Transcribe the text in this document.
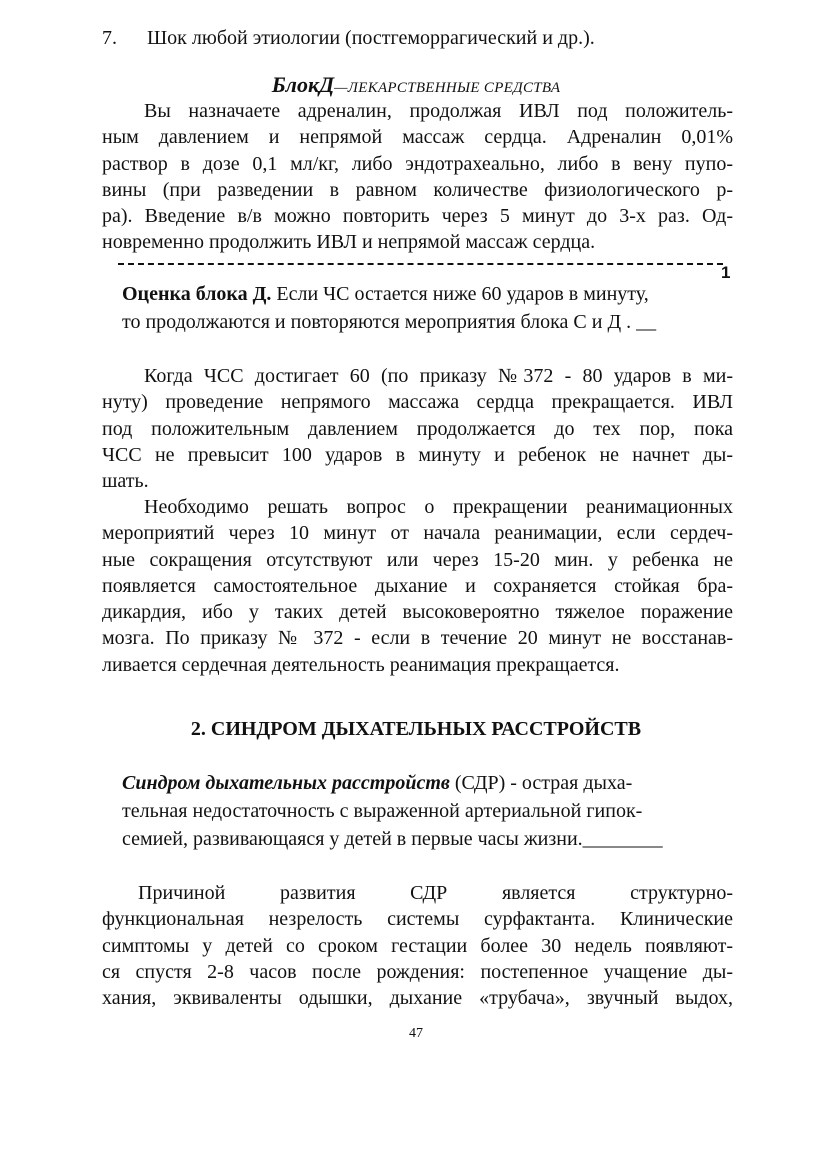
7. Шок любой этиологии (постгеморрагический и др.).
БлокД—ЛЕКАРСТВЕННЫЕ СРЕДСТВА
Вы назначаете адреналин, продолжая ИВЛ под положитель-
ным давлением и непрямой массаж сердца. Адреналин 0,01%
раствор в дозе 0,1 мл/кг, либо эндотрахеально, либо в вену пупо-
вины (при разведении в равном количестве физиологического р-
ра). Введение в/в можно повторить через 5 минут до 3-х раз. Од-
новременно продолжить ИВЛ и непрямой массаж сердца.
1
Оценка блока Д. Если ЧС остается ниже 60 ударов в минуту,
то продолжаются и повторяются мероприятия блока С и Д . __
Когда ЧСС достигает 60 (по приказу №372 - 80 ударов в ми-
нуту) проведение непрямого массажа сердца прекращается. ИВЛ
под положительным давлением продолжается до тех пор, пока
ЧСС не превысит 100 ударов в минуту и ребенок не начнет ды-
шать.
Необходимо решать вопрос о прекращении реанимационных
мероприятий через 10 минут от начала реанимации, если сердеч-
ные сокращения отсутствуют или через 15-20 мин. у ребенка не
появляется самостоятельное дыхание и сохраняется стойкая бра-
дикардия, ибо у таких детей высоковероятно тяжелое поражение
мозга. По приказу № 372 - если в течение 20 минут не восстанав-
ливается сердечная деятельность реанимация прекращается.
2. СИНДРОМ ДЫХАТЕЛЬНЫХ РАССТРОЙСТВ
Синдром дыхательных расстройств (СДР) - острая дыха-
тельная недостаточность с выраженной артериальной гипок-
семией, развивающаяся у детей в первые часы жизни.________
Причиной     развития     СДР     является     структурно-
функциональная незрелость системы сурфактанта. Клинические
симптомы у детей со сроком гестации более 30 недель появляют-
ся спустя 2-8 часов после рождения: постепенное учащение ды-
хания, эквиваленты одышки, дыхание «трубача», звучный выдох,
47
